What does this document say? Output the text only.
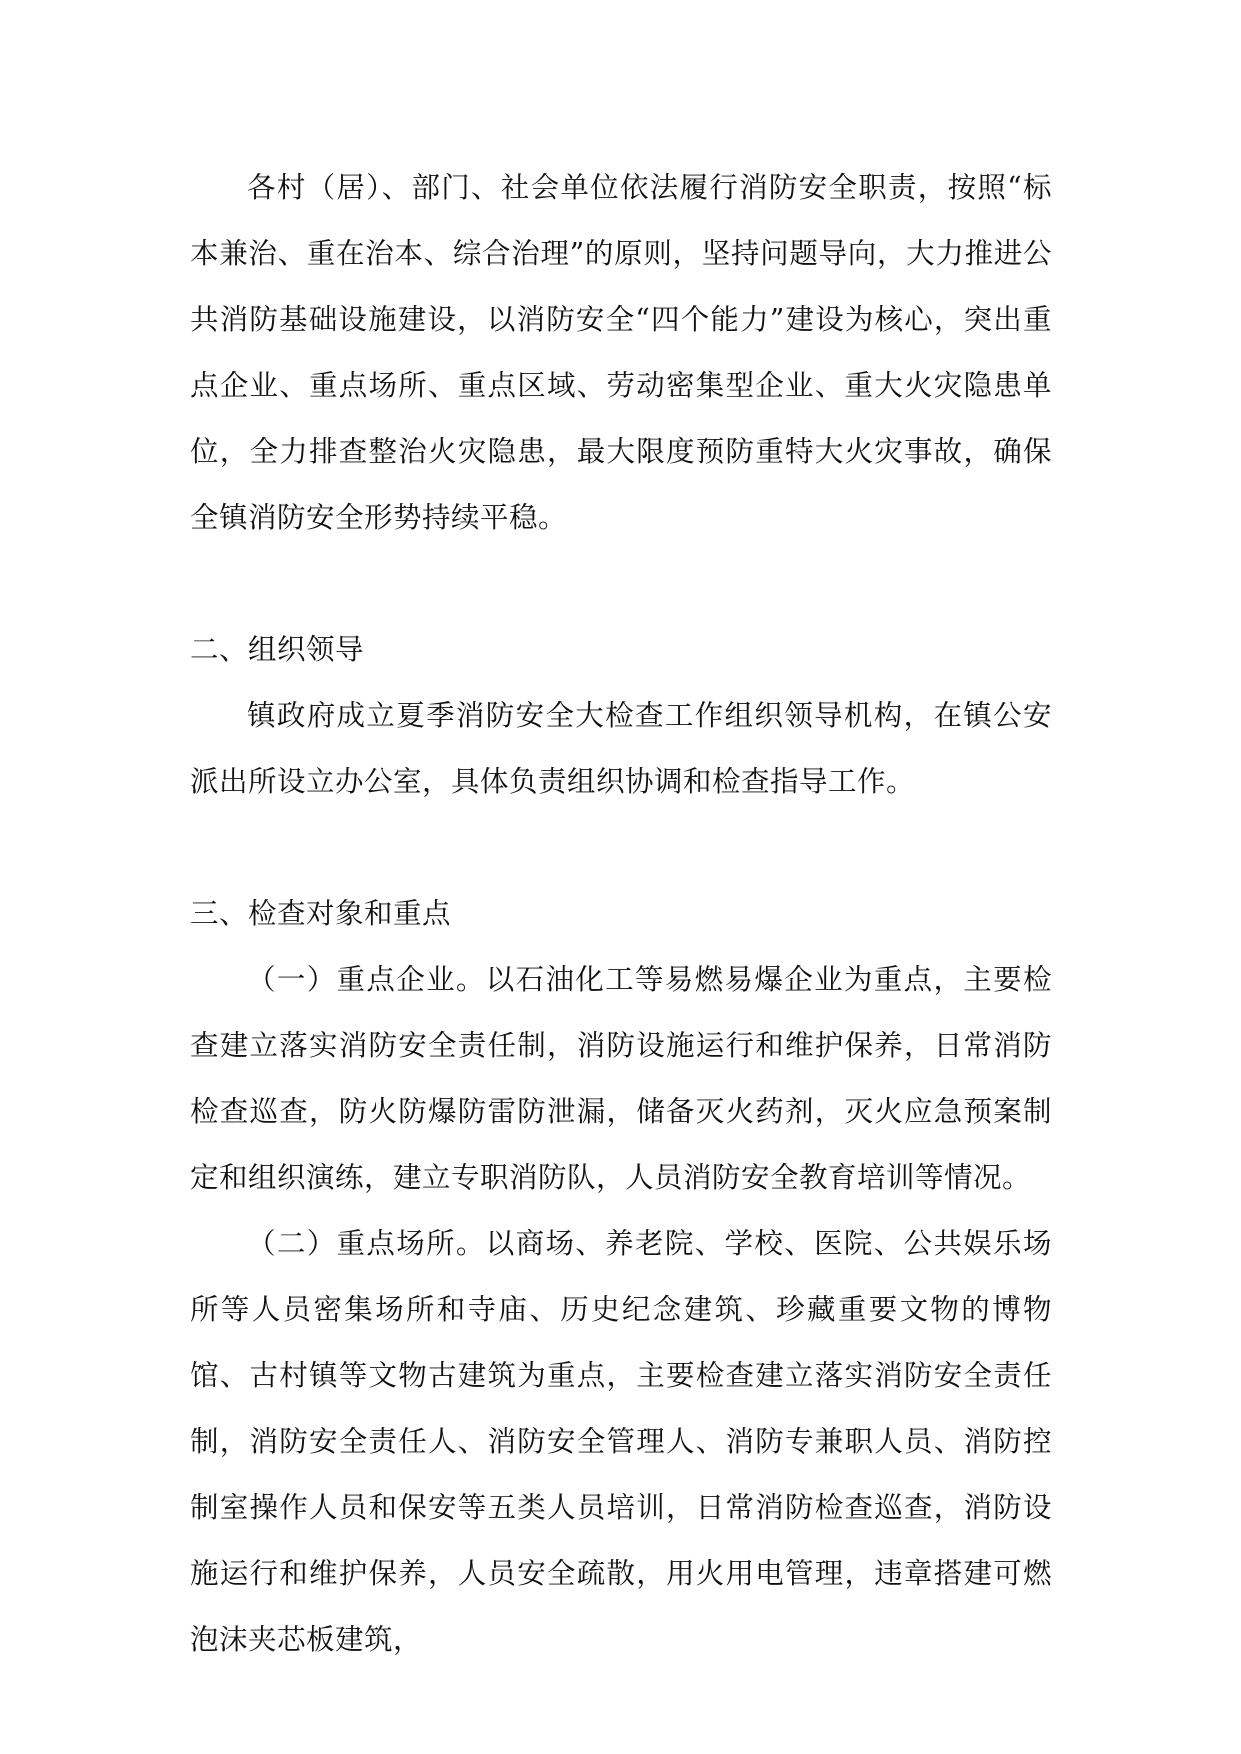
各村（居）、部门、社会单位依法履行消防安全职责，按照“标本兼治、重在治本、综合治理”的原则，坚持问题导向，大力推进公共消防基础设施建设，以消防安全“四个能力”建设为核心，突出重点企业、重点场所、重点区域、劳动密集型企业、重大火灾隐患单位，全力排查整治火灾隐患，最大限度预防重特大火灾事故，确保全镇消防安全形势持续平稳。

二、组织领导

镇政府成立夏季消防安全大检查工作组织领导机构，在镇公安派出所设立办公室，具体负责组织协调和检查指导工作。

三、检查对象和重点

（一）重点企业。以石油化工等易燃易爆企业为重点，主要检查建立落实消防安全责任制，消防设施运行和维护保养，日常消防检查巡查，防火防爆防雷防泄漏，储备灭火药剂，灭火应急预案制定和组织演练，建立专职消防队，人员消防安全教育培训等情况。

（二）重点场所。以商场、养老院、学校、医院、公共娱乐场所等人员密集场所和寺庙、历史纪念建筑、珍藏重要文物的博物馆、古村镇等文物古建筑为重点，主要检查建立落实消防安全责任制，消防安全责任人、消防安全管理人、消防专兼职人员、消防控制室操作人员和保安等五类人员培训，日常消防检查巡查，消防设施运行和维护保养，人员安全疏散，用火用电管理，违章搭建可燃泡沫夹芯板建筑，
